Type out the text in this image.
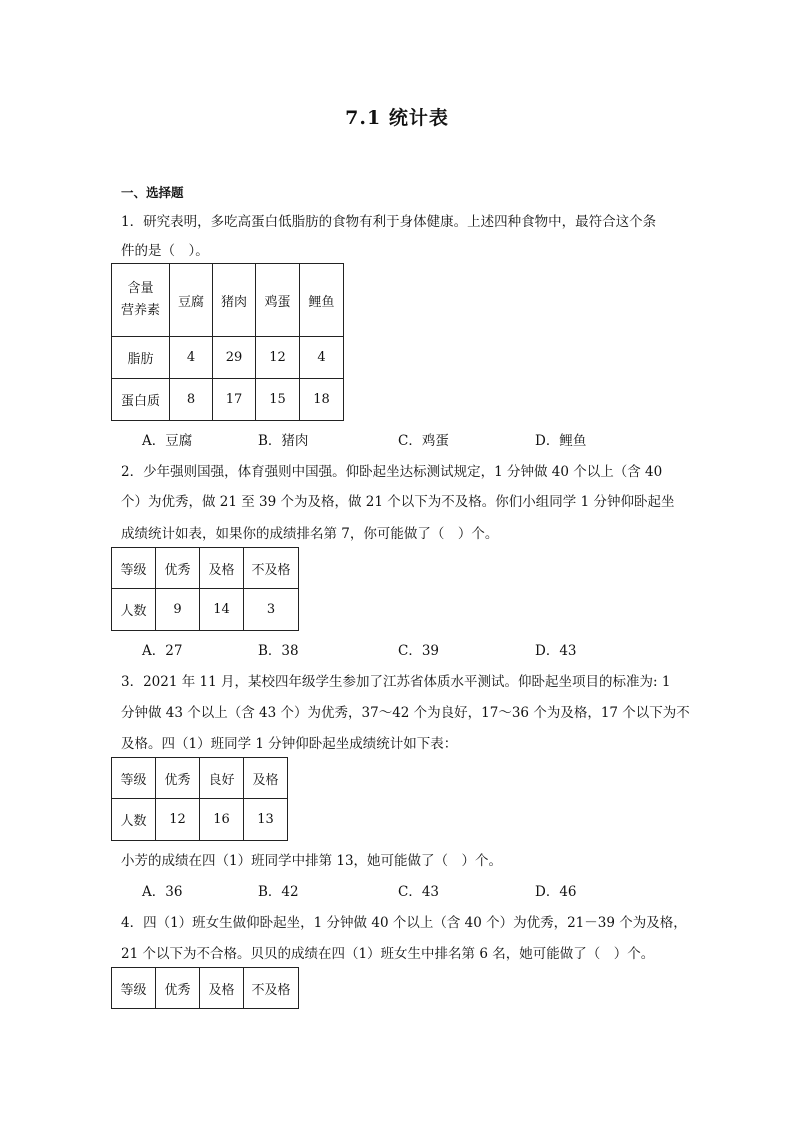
7.1 统计表
一、选择题
1．研究表明，多吃高蛋白低脂肪的食物有利于身体健康。上述四种食物中，最符合这个条
件的是（　）。
含量
营养素	豆腐	猪肉	鸡蛋	鲤鱼
脂肪	4	29	12	4
蛋白质	8	17	15	18
A．豆腐	B．猪肉	C．鸡蛋	D．鲤鱼
2．少年强则国强，体育强则中国强。仰卧起坐达标测试规定，1 分钟做 40 个以上（含 40
个）为优秀，做 21 至 39 个为及格，做 21 个以下为不及格。你们小组同学 1 分钟仰卧起坐
成绩统计如表，如果你的成绩排名第 7，你可能做了（　）个。
等级	优秀	及格	不及格
人数	9	14	3
A．27	B．38	C．39	D．43
3．2021 年 11 月，某校四年级学生参加了江苏省体质水平测试。仰卧起坐项目的标准为: 1
分钟做 43 个以上（含 43 个）为优秀，37～42 个为良好，17～36 个为及格，17 个以下为不
及格。四（1）班同学 1 分钟仰卧起坐成绩统计如下表：
等级	优秀	良好	及格
人数	12	16	13
小芳的成绩在四（1）班同学中排第 13，她可能做了（　）个。
A．36	B．42	C．43	D．46
4．四（1）班女生做仰卧起坐，1 分钟做 40 个以上（含 40 个）为优秀，21－39 个为及格，
21 个以下为不合格。贝贝的成绩在四（1）班女生中排名第 6 名，她可能做了（　）个。
等级	优秀	及格	不及格
